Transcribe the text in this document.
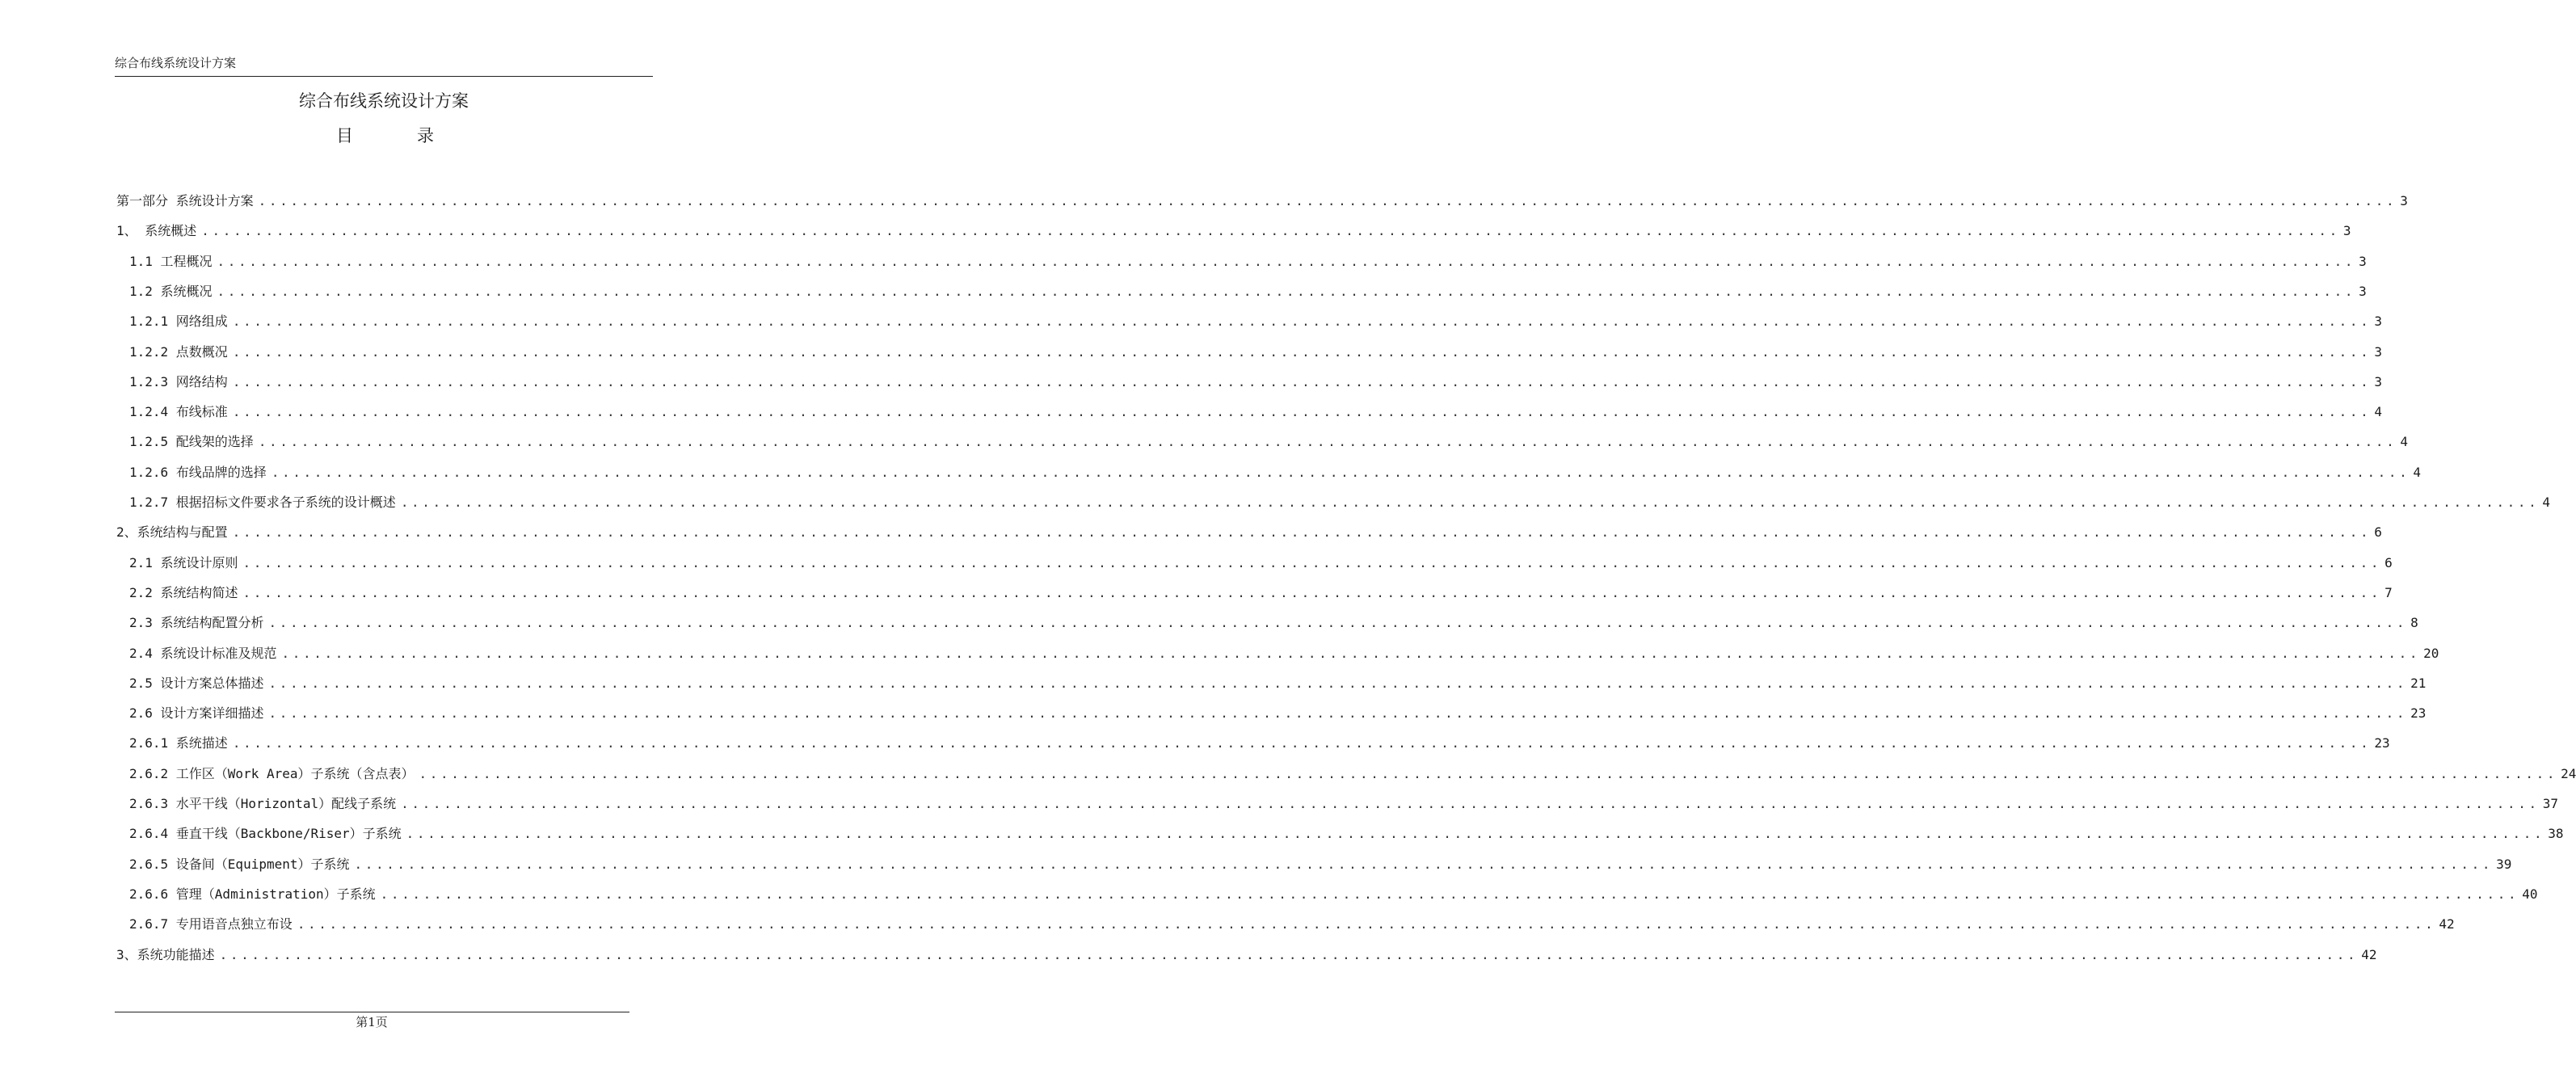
综合布线系统设计方案
综合布线系统设计方案
目	录
第一部分 系统设计方案 ........................................................................................................................................................................................................ 3
1、 系统概述 ........................................................................................................................................................................................................ 3
1.1 工程概况 ........................................................................................................................................................................................................ 3
1.2 系统概况 ........................................................................................................................................................................................................ 3
1.2.1 网络组成 ........................................................................................................................................................................................................ 3
1.2.2 点数概况 ........................................................................................................................................................................................................ 3
1.2.3 网络结构 ........................................................................................................................................................................................................ 3
1.2.4 布线标准 ........................................................................................................................................................................................................ 4
1.2.5 配线架的选择 ........................................................................................................................................................................................................ 4
1.2.6 布线品牌的选择 ........................................................................................................................................................................................................ 4
1.2.7 根据招标文件要求各子系统的设计概述 ........................................................................................................................................................................................................ 4
2、系统结构与配置 ........................................................................................................................................................................................................ 6
2.1 系统设计原则 ........................................................................................................................................................................................................ 6
2.2 系统结构简述 ........................................................................................................................................................................................................ 7
2.3 系统结构配置分析 ........................................................................................................................................................................................................ 8
2.4 系统设计标准及规范 ........................................................................................................................................................................................................ 20
2.5 设计方案总体描述 ........................................................................................................................................................................................................ 21
2.6 设计方案详细描述 ........................................................................................................................................................................................................ 23
2.6.1 系统描述 ........................................................................................................................................................................................................ 23
2.6.2 工作区（Work Area）子系统（含点表） ........................................................................................................................................................................................................ 24
2.6.3 水平干线（Horizontal）配线子系统 ........................................................................................................................................................................................................ 37
2.6.4 垂直干线（Backbone/Riser）子系统 ........................................................................................................................................................................................................ 38
2.6.5 设备间（Equipment）子系统 ........................................................................................................................................................................................................ 39
2.6.6 管理（Administration）子系统 ........................................................................................................................................................................................................ 40
2.6.7 专用语音点独立布设 ........................................................................................................................................................................................................ 42
3、系统功能描述 ........................................................................................................................................................................................................ 42
第1页
